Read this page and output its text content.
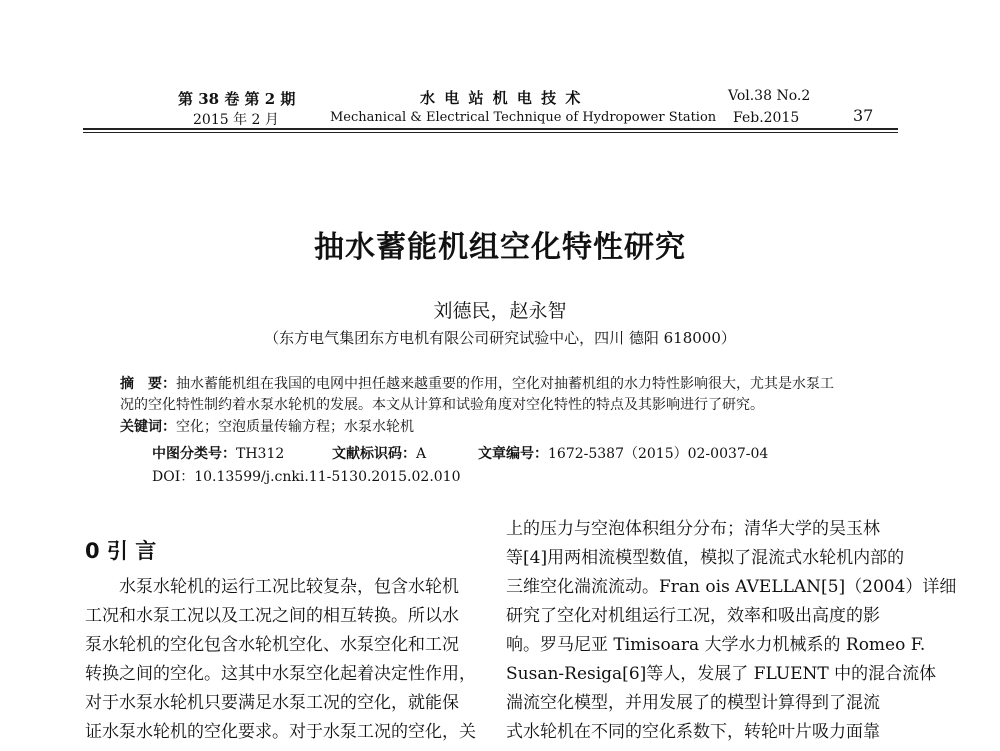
第 38 卷 第 2 期	水 电 站 机 电 技 术	Vol.38 No.2
2015 年 2 月	Mechanical & Electrical Technique of Hydropower Station Feb.2015	37
抽水蓄能机组空化特性研究
刘德民，赵永智
（东方电气集团东方电机有限公司研究试验中心，四川 德阳 618000）
摘　要：抽水蓄能机组在我国的电网中担任越来越重要的作用，空化对抽蓄机组的水力特性影响很大，尤其是水泵工
况的空化特性制约着水泵水轮机的发展。本文从计算和试验角度对空化特性的特点及其影响进行了研究。
关键词：空化；空泡质量传输方程；水泵水轮机
中图分类号：TH312	文献标识码：A	文章编号：1672-5387（2015）02-0037-04
DOI：10.13599/j.cnki.11-5130.2015.02.010
0 引 言
水泵水轮机的运行工况比较复杂，包含水轮机
工况和水泵工况以及工况之间的相互转换。所以水
泵水轮机的空化包含水轮机空化、水泵空化和工况
转换之间的空化。这其中水泵空化起着决定性作用，
对于水泵水轮机只要满足水泵工况的空化，就能保
证水泵水轮机的空化要求。对于水泵工况的空化，关
上的压力与空泡体积组分分布；清华大学的吴玉林
等[4]用两相流模型数值，模拟了混流式水轮机内部的
三维空化湍流流动。Fran ois AVELLAN[5]（2004）详细
研究了空化对机组运行工况，效率和吸出高度的影
响。罗马尼亚 Timisoara 大学水力机械系的 Romeo F.
Susan-Resiga[6]等人，发展了 FLUENT 中的混合流体
湍流空化模型，并用发展了的模型计算得到了混流
式水轮机在不同的空化系数下，转轮叶片吸力面靠
